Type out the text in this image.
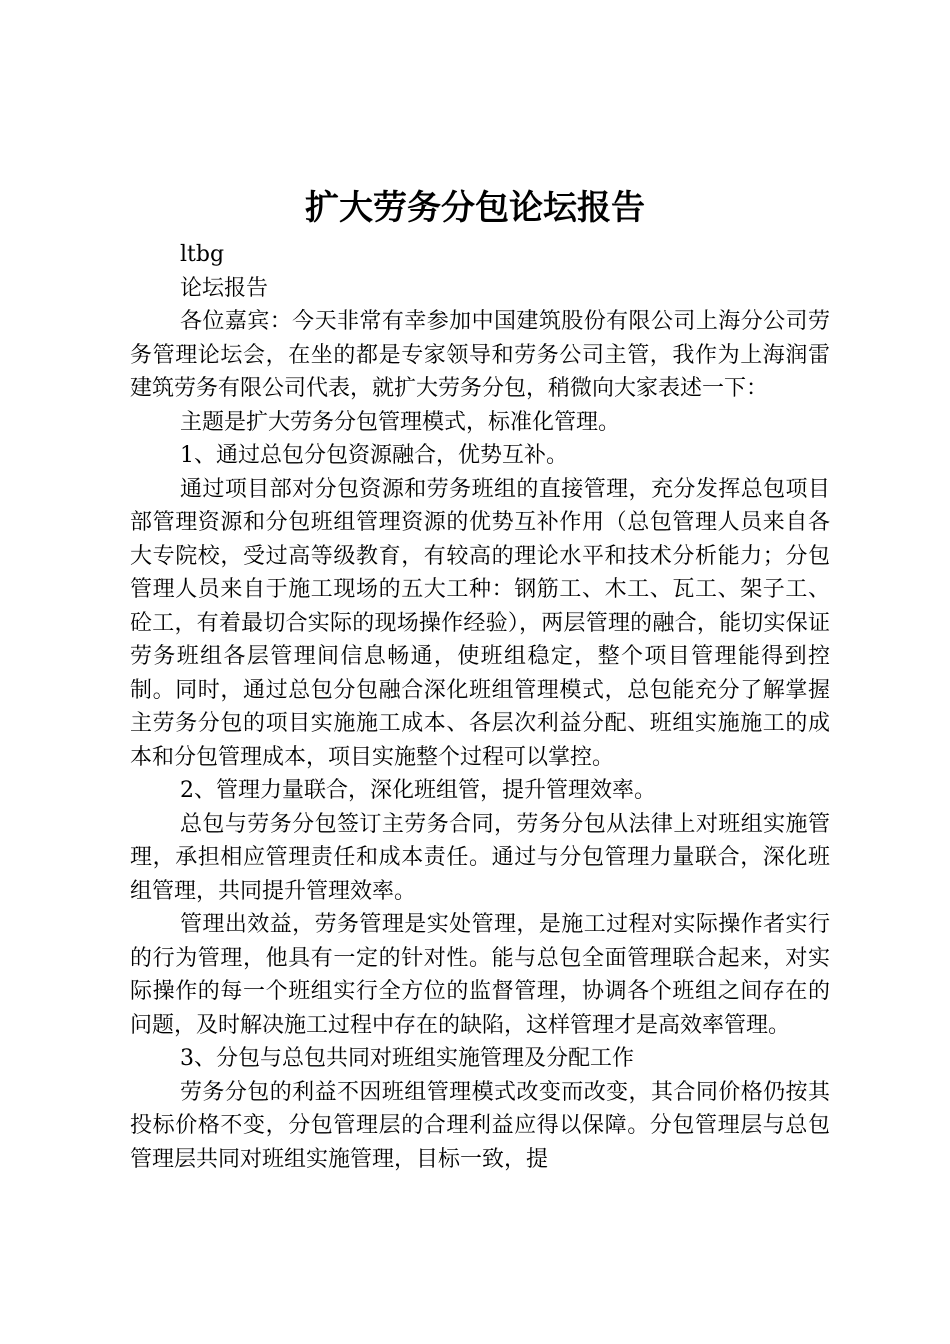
扩大劳务分包论坛报告

ltbg

论坛报告

各位嘉宾：今天非常有幸参加中国建筑股份有限公司上海分公司劳务管理论坛会，在坐的都是专家领导和劳务公司主管，我作为上海润雷建筑劳务有限公司代表，就扩大劳务分包，稍微向大家表述一下：

主题是扩大劳务分包管理模式，标准化管理。

1、通过总包分包资源融合，优势互补。

通过项目部对分包资源和劳务班组的直接管理，充分发挥总包项目部管理资源和分包班组管理资源的优势互补作用（总包管理人员来自各大专院校，受过高等级教育，有较高的理论水平和技术分析能力；分包管理人员来自于施工现场的五大工种：钢筋工、木工、瓦工、架子工、砼工，有着最切合实际的现场操作经验），两层管理的融合，能切实保证劳务班组各层管理间信息畅通，使班组稳定，整个项目管理能得到控制。同时，通过总包分包融合深化班组管理模式，总包能充分了解掌握主劳务分包的项目实施施工成本、各层次利益分配、班组实施施工的成本和分包管理成本，项目实施整个过程可以掌控。

2、管理力量联合，深化班组管，提升管理效率。

总包与劳务分包签订主劳务合同，劳务分包从法律上对班组实施管理，承担相应管理责任和成本责任。通过与分包管理力量联合，深化班组管理，共同提升管理效率。

管理出效益，劳务管理是实处管理，是施工过程对实际操作者实行的行为管理，他具有一定的针对性。能与总包全面管理联合起来，对实际操作的每一个班组实行全方位的监督管理，协调各个班组之间存在的问题，及时解决施工过程中存在的缺陷，这样管理才是高效率管理。

3、分包与总包共同对班组实施管理及分配工作

劳务分包的利益不因班组管理模式改变而改变，其合同价格仍按其投标价格不变，分包管理层的合理利益应得以保障。分包管理层与总包管理层共同对班组实施管理，目标一致，提
